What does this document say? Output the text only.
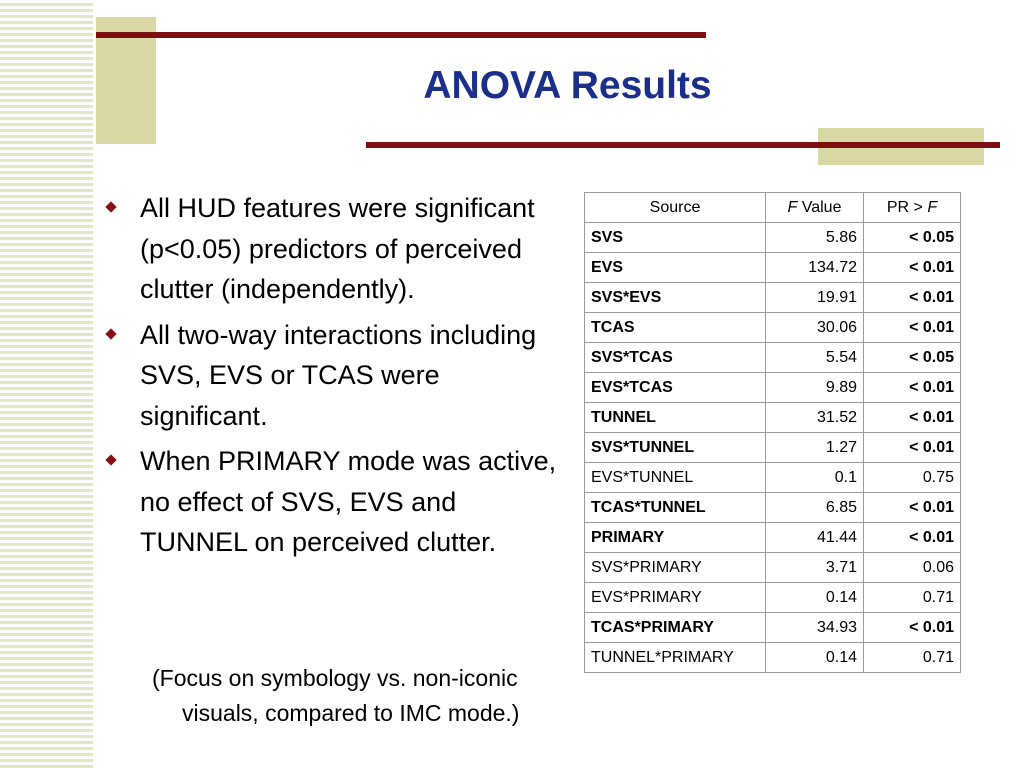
ANOVA Results
All HUD features were significant (p<0.05) predictors of perceived clutter (independently).
All two-way interactions including SVS, EVS or TCAS were significant.
When PRIMARY mode was active, no effect of SVS, EVS and TUNNEL on perceived clutter.
(Focus on symbology vs. non-iconic visuals, compared to IMC mode.)
Source	F Value	PR > F
SVS	5.86	< 0.05
EVS	134.72	< 0.01
SVS*EVS	19.91	< 0.01
TCAS	30.06	< 0.01
SVS*TCAS	5.54	< 0.05
EVS*TCAS	9.89	< 0.01
TUNNEL	31.52	< 0.01
SVS*TUNNEL	1.27	< 0.01
EVS*TUNNEL	0.1	0.75
TCAS*TUNNEL	6.85	< 0.01
PRIMARY	41.44	< 0.01
SVS*PRIMARY	3.71	0.06
EVS*PRIMARY	0.14	0.71
TCAS*PRIMARY	34.93	< 0.01
TUNNEL*PRIMARY	0.14	0.71
